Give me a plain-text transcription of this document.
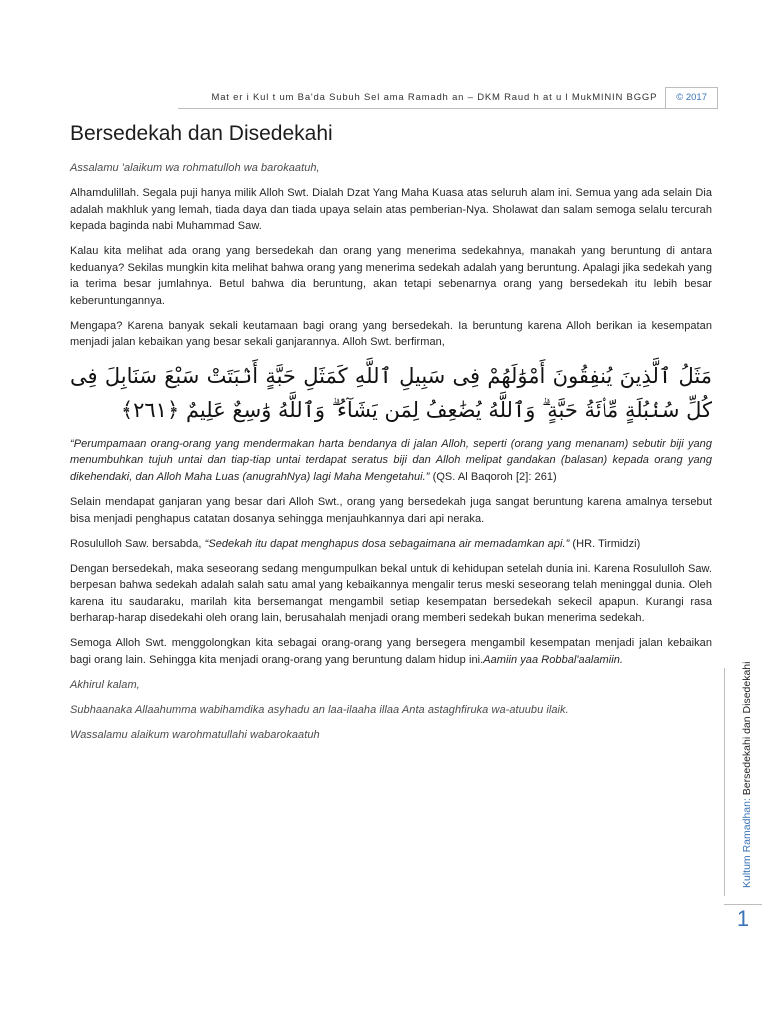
Mat er i Kul t um Ba'da Subuh Sel ama Ramadh an – DKM Raud h at u l MukMININ BGGP	© 2017
Bersedekah dan Disedekahi

Assalamu 'alaikum wa rohmatulloh wa barokaatuh,

Alhamdulillah. Segala puji hanya milik Alloh Swt. Dialah Dzat Yang Maha Kuasa atas seluruh alam ini. Semua yang ada selain Dia adalah makhluk yang lemah, tiada daya dan tiada upaya selain atas pemberian-Nya. Sholawat dan salam semoga selalu tercurah kepada baginda nabi Muhammad Saw.

Kalau kita melihat ada orang yang bersedekah dan orang yang menerima sedekahnya, manakah yang beruntung di antara keduanya? Sekilas mungkin kita melihat bahwa orang yang menerima sedekah adalah yang beruntung. Apalagi jika sedekah yang ia terima besar jumlahnya. Betul bahwa dia beruntung, akan tetapi sebenarnya orang yang bersedekah itu lebih besar keberuntungannya.

Mengapa? Karena banyak sekali keutamaan bagi orang yang bersedekah. Ia beruntung karena Alloh berikan ia kesempatan menjadi jalan kebaikan yang besar sekali ganjarannya. Alloh Swt. berfirman,

مَثَلُ ٱلَّذِينَ يُنفِقُونَ أَمْوَٰلَهُمْ فِى سَبِيلِ ٱللَّهِ كَمَثَلِ حَبَّةٍ أَنۢبَتَتْ سَبْعَ سَنَابِلَ فِى كُلِّ سُنۢبُلَةٍ مِّا۟ئَةُ حَبَّةٍ ۗ وَٱللَّهُ يُضَٰعِفُ لِمَن يَشَآءُ ۗ وَٱللَّهُ وَٰسِعٌ عَلِيمٌ ﴿٢٦١﴾

“Perumpamaan orang-orang yang mendermakan harta bendanya di jalan Alloh, seperti (orang yang menanam) sebutir biji yang menumbuhkan tujuh untai dan tiap-tiap untai terdapat seratus biji dan Alloh melipat gandakan (balasan) kepada orang yang dikehendaki, dan Alloh Maha Luas (anugrahNya) lagi Maha Mengetahui.” (QS. Al Baqoroh [2]: 261)

Selain mendapat ganjaran yang besar dari Alloh Swt., orang yang bersedekah juga sangat beruntung karena amalnya tersebut bisa menjadi penghapus catatan dosanya sehingga menjauhkannya dari api neraka.

Rosululloh Saw. bersabda, “Sedekah itu dapat menghapus dosa sebagaimana air memadamkan api.” (HR. Tirmidzi)

Dengan bersedekah, maka seseorang sedang mengumpulkan bekal untuk di kehidupan setelah dunia ini. Karena Rosululloh Saw. berpesan bahwa sedekah adalah salah satu amal yang kebaikannya mengalir terus meski seseorang telah meninggal dunia. Oleh karena itu saudaraku, marilah kita bersemangat mengambil setiap kesempatan bersedekah sekecil apapun. Kurangi rasa berharap-harap disedekahi oleh orang lain, berusahalah menjadi orang memberi sedekah bukan menerima sedekah.

Semoga Alloh Swt. menggolongkan kita sebagai orang-orang yang bersegera mengambil kesempatan menjadi jalan kebaikan bagi orang lain. Sehingga kita menjadi orang-orang yang beruntung dalam hidup ini.Aamiin yaa Robbal'aalamiin.

Akhirul kalam,

Subhaanaka Allaahumma wabihamdika asyhadu an laa-ilaaha illaa Anta astaghfiruka wa-atuubu ilaik.

Wassalamu alaikum warohmatullahi wabarokaatuh

Kultum Ramadhan: Bersedekahi dan Disedekahi
1
